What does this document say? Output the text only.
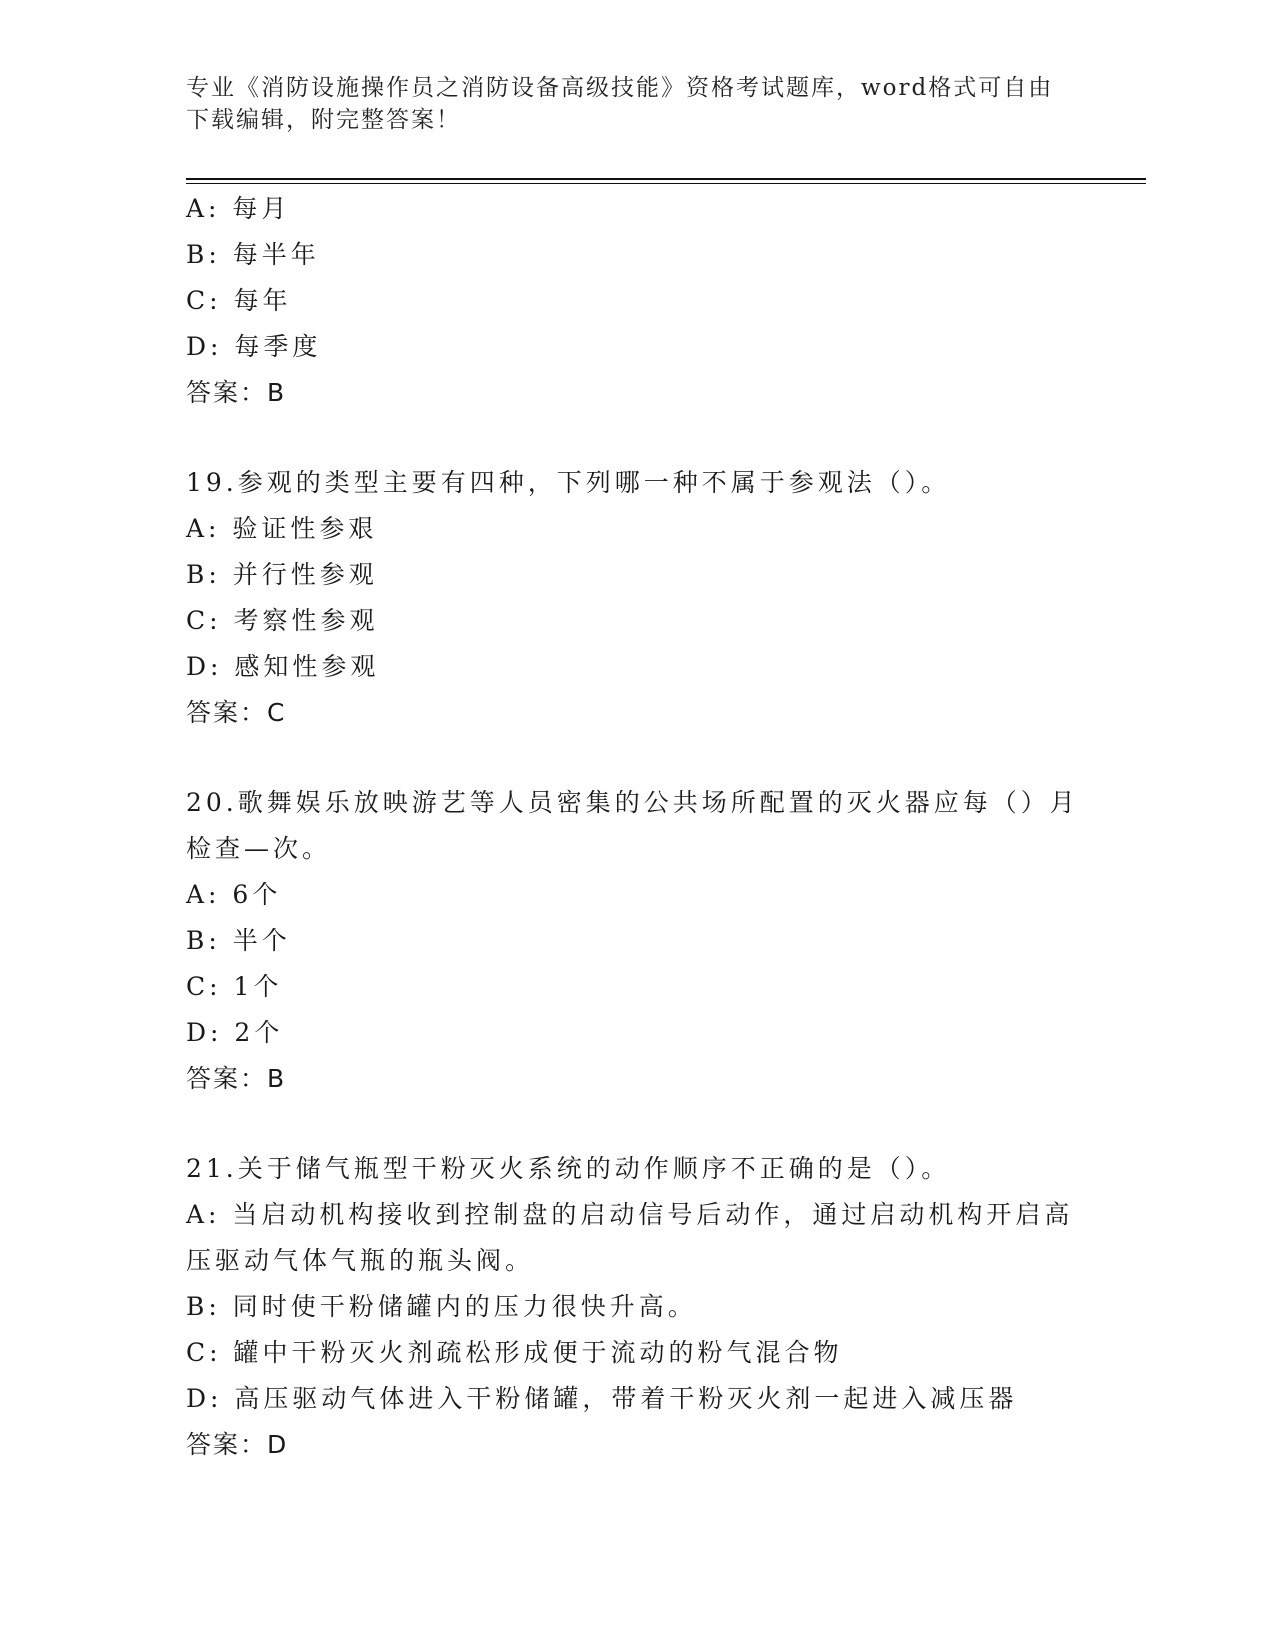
专业《消防设施操作员之消防设备高级技能》资格考试题库，word格式可自由下载编辑，附完整答案！
A: 每月
B: 每半年
C: 每年
D: 每季度
答案：B
19.参观的类型主要有四种，下列哪一种不属于参观法（）。
A: 验证性参艰
B: 并行性参观
C: 考察性参观
D: 感知性参观
答案：C
20.歌舞娱乐放映游艺等人员密集的公共场所配置的灭火器应每（）月检查—次。
A: 6个
B: 半个
C: 1个
D: 2个
答案：B
21.关于储气瓶型干粉灭火系统的动作顺序不正确的是（）。
A: 当启动机构接收到控制盘的启动信号后动作，通过启动机构开启高压驱动气体气瓶的瓶头阀。
B: 同时使干粉储罐内的压力很快升高。
C: 罐中干粉灭火剂疏松形成便于流动的粉气混合物
D: 高压驱动气体进入干粉储罐，带着干粉灭火剂一起进入减压器
答案：D
